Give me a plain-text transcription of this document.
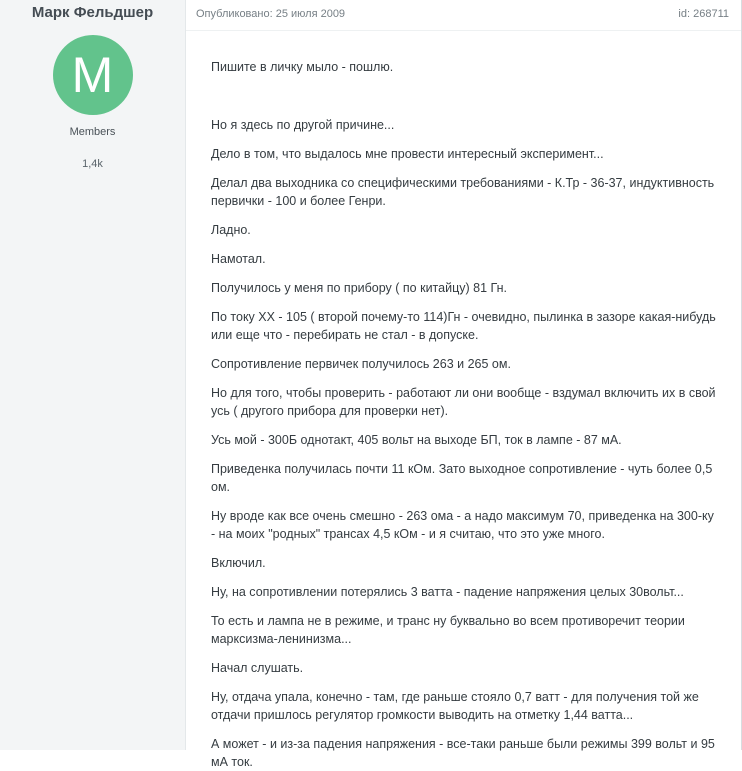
Марк Фельдшер
M
Members
1,4k
Опубликовано: 25 июля 2009	id: 268711

Пишите в личку мыло - пошлю.

Но я здесь по другой причине...

Дело в том, что выдалось мне провести интересный эксперимент...

Делал два выходника со специфическими требованиями - К.Тр - 36-37, индуктивность первички - 100 и более Генри.

Ладно.

Намотал.

Получилось у меня по прибору ( по китайцу) 81 Гн.

По току ХХ - 105 ( второй почему-то 114)Гн - очевидно, пылинка в зазоре какая-нибудь или еще что - перебирать не стал - в допуске.

Сопротивление первичек получилось 263 и 265 ом.

Но для того, чтобы проверить - работают ли они вообще - вздумал включить их в свой усь ( другого прибора для проверки нет).

Усь мой - 300Б однотакт, 405 вольт на выходе БП, ток в лампе - 87 мА.

Приведенка получилась почти 11 кОм. Зато выходное сопротивление - чуть более 0,5 ом.

Ну вроде как все очень смешно - 263 ома - а надо максимум 70, приведенка на 300-ку - на моих "родных" трансах 4,5 кОм - и я считаю, что это уже много.

Включил.

Ну, на сопротивлении потерялись 3 ватта - падение напряжения целых 30вольт...

То есть и лампа не в режиме, и транс ну буквально во всем противоречит теории марксизма-ленинизма...

Начал слушать.

Ну, отдача упала, конечно - там, где раньше стояло 0,7 ватт - для получения той же отдачи пришлось регулятор громкости выводить на отметку 1,44 ватта...

А может - и из-за падения напряжения - все-таки раньше были режимы 399 вольт и 95 мА ток.
